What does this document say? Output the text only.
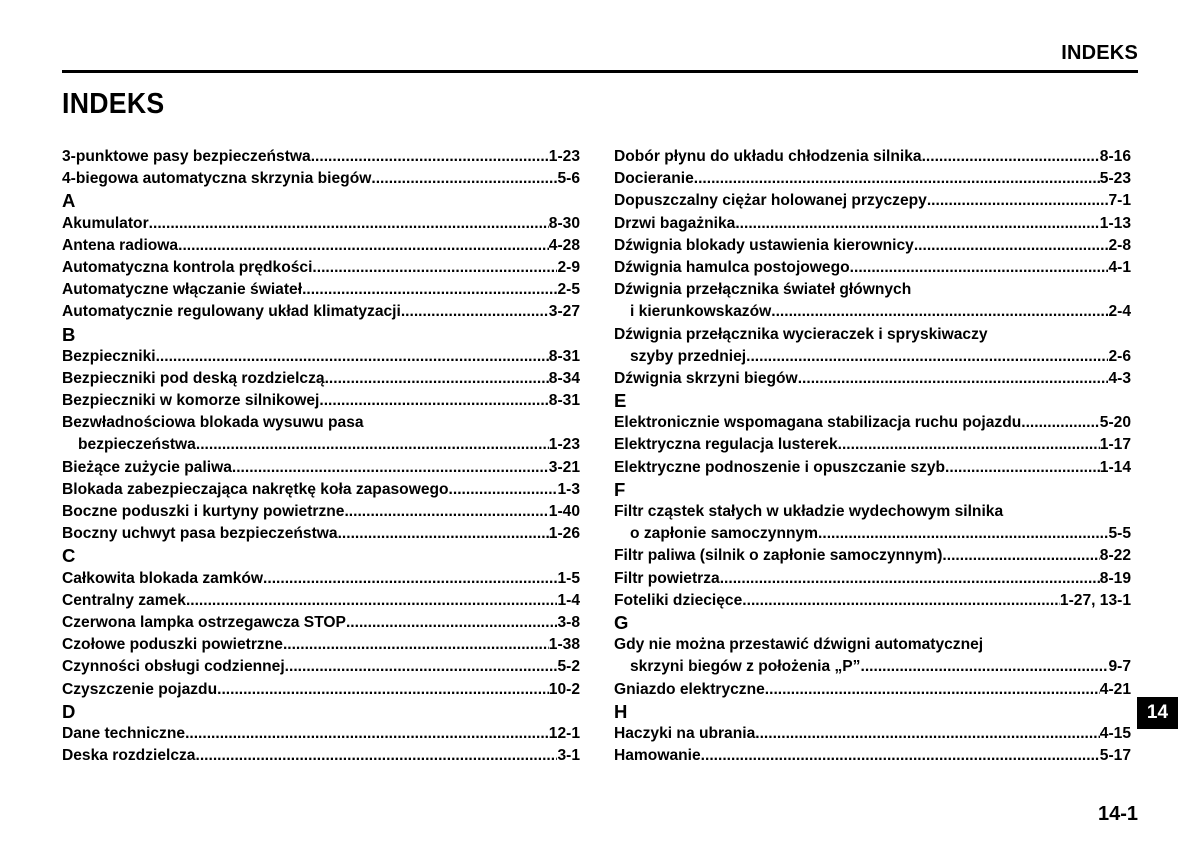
INDEKS
INDEKS
3-punktowe pasy bezpieczeństwa .....	1-23
4-biegowa automatyczna skrzynia biegów .....	5-6
A
Akumulator .....	8-30
Antena radiowa .....	4-28
Automatyczna kontrola prędkości .....	2-9
Automatyczne włączanie świateł .....	2-5
Automatycznie regulowany układ klimatyzacji .....	3-27
B
Bezpieczniki .....	8-31
Bezpieczniki pod deską rozdzielczą .....	8-34
Bezpieczniki w komorze silnikowej .....	8-31
Bezwładnościowa blokada wysuwu pasa
bezpieczeństwa .....	1-23
Bieżące zużycie paliwa .....	3-21
Blokada zabezpieczająca nakrętkę koła zapasowego .....	1-3
Boczne poduszki i kurtyny powietrzne .....	1-40
Boczny uchwyt pasa bezpieczeństwa .....	1-26
C
Całkowita blokada zamków .....	1-5
Centralny zamek .....	1-4
Czerwona lampka ostrzegawcza STOP .....	3-8
Czołowe poduszki powietrzne .....	1-38
Czynności obsługi codziennej .....	5-2
Czyszczenie pojazdu .....	10-2
D
Dane techniczne .....	12-1
Deska rozdzielcza .....	3-1
Dobór płynu do układu chłodzenia silnika .....	8-16
Docieranie .....	5-23
Dopuszczalny ciężar holowanej przyczepy .....	7-1
Drzwi bagażnika .....	1-13
Dźwignia blokady ustawienia kierownicy .....	2-8
Dźwignia hamulca postojowego .....	4-1
Dźwignia przełącznika świateł głównych
i kierunkowskazów .....	2-4
Dźwignia przełącznika wycieraczek i spryskiwaczy
szyby przedniej .....	2-6
Dźwignia skrzyni biegów .....	4-3
E
Elektronicznie wspomagana stabilizacja ruchu pojazdu .....	5-20
Elektryczna regulacja lusterek .....	1-17
Elektryczne podnoszenie i opuszczanie szyb .....	1-14
F
Filtr cząstek stałych w układzie wydechowym silnika
o zapłonie samoczynnym .....	5-5
Filtr paliwa (silnik o zapłonie samoczynnym) .....	8-22
Filtr powietrza .....	8-19
Foteliki dziecięce .....	1-27, 13-1
G
Gdy nie można przestawić dźwigni automatycznej
skrzyni biegów z położenia „P” .....	9-7
Gniazdo elektryczne .....	4-21
H
Haczyki na ubrania .....	4-15
Hamowanie .....	5-17
14
14-1
